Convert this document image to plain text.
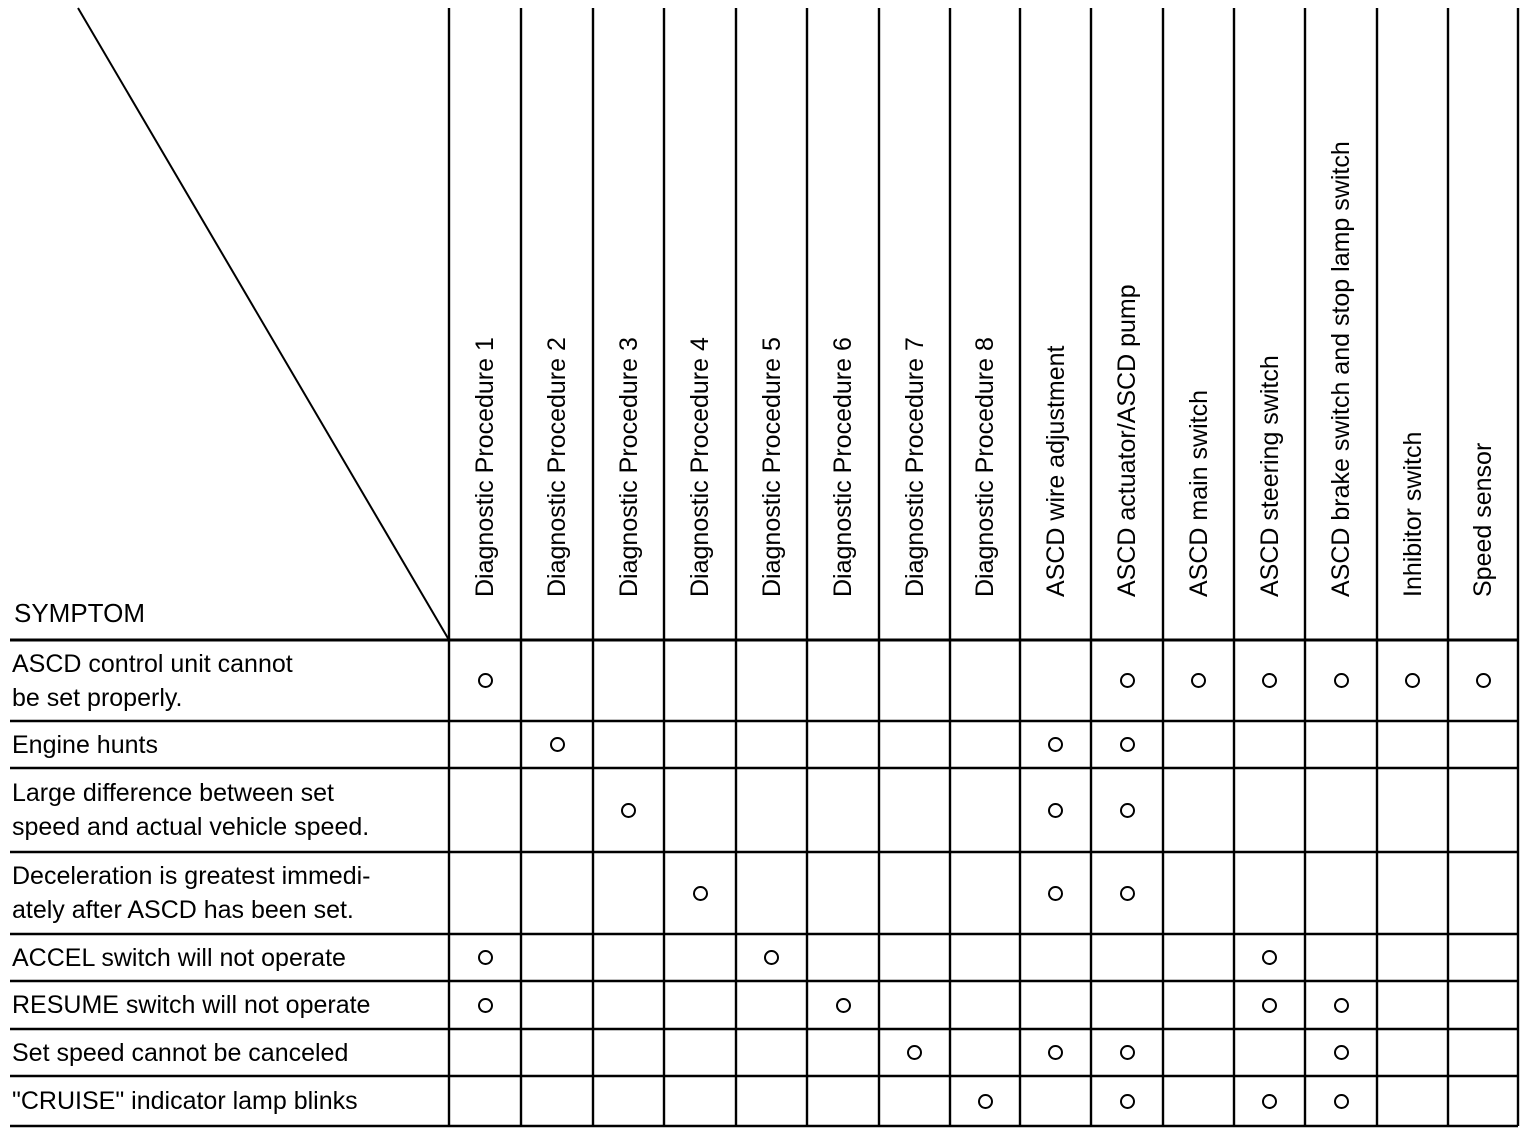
SYMPTOM
Diagnostic Procedure 1 Diagnostic Procedure 2 Diagnostic Procedure 3 Diagnostic Procedure 4 Diagnostic Procedure 5 Diagnostic Procedure 6 Diagnostic Procedure 7 Diagnostic Procedure 8 ASCD wire adjustment ASCD actuator/ASCD pump ASCD main switch ASCD steering switch ASCD brake switch and stop lamp switch Inhibitor switch Speed sensor
ASCD control unit cannot
be set properly.
Engine hunts
Large difference between set
speed and actual vehicle speed.
Deceleration is greatest immedi-
ately after ASCD has been set.
ACCEL switch will not operate
RESUME switch will not operate
Set speed cannot be canceled
"CRUISE" indicator lamp blinks
